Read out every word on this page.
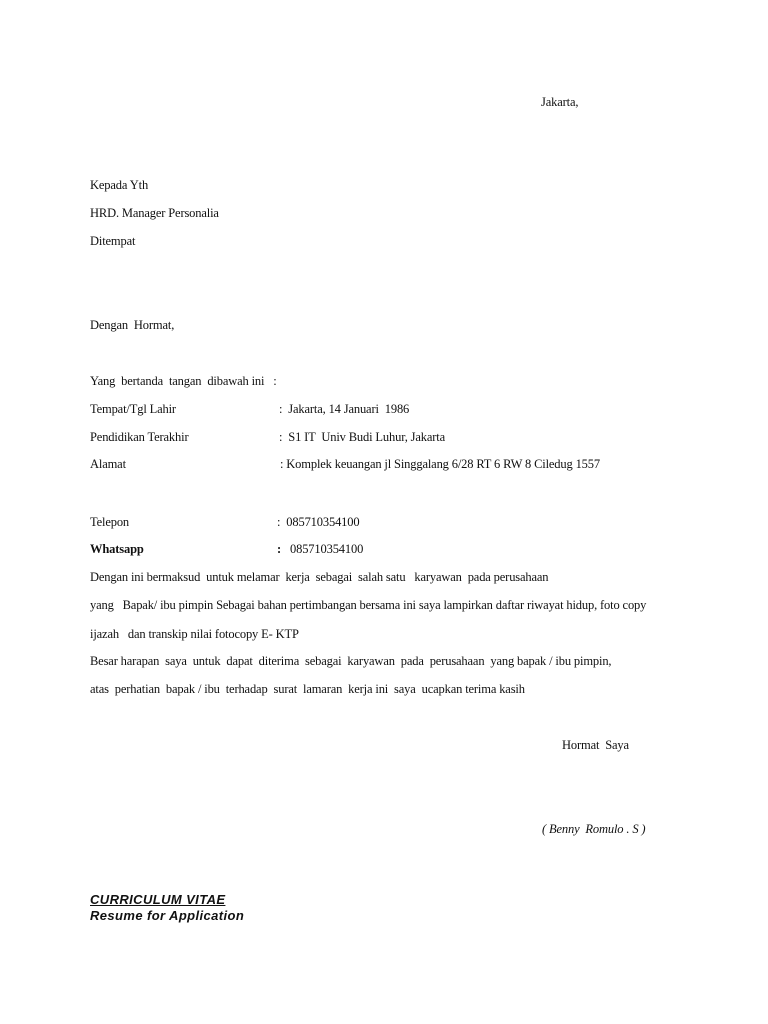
Jakarta,
Kepada Yth
HRD. Manager Personalia
Ditempat
Dengan  Hormat,
Yang  bertanda  tangan  dibawah ini   :
Tempat/Tgl Lahir	:  Jakarta, 14 Januari  1986
Pendidikan Terakhir	:  S1 IT  Univ Budi Luhur, Jakarta
Alamat	: Komplek keuangan jl Singgalang 6/28 RT 6 RW 8 Ciledug 1557
Telepon	:  085710354100
Whatsapp	: 085710354100
Dengan ini bermaksud  untuk melamar  kerja  sebagai  salah satu   karyawan  pada perusahaan
yang   Bapak/ ibu pimpin Sebagai bahan pertimbangan bersama ini saya lampirkan daftar riwayat hidup, foto copy
ijazah   dan transkip nilai fotocopy E- KTP
Besar harapan  saya  untuk  dapat  diterima  sebagai  karyawan  pada  perusahaan  yang bapak / ibu pimpin,
atas  perhatian  bapak / ibu  terhadap  surat  lamaran  kerja ini  saya  ucapkan terima kasih
Hormat  Saya
( Benny  Romulo . S )
CURRICULUM VITAE
Resume for Application
